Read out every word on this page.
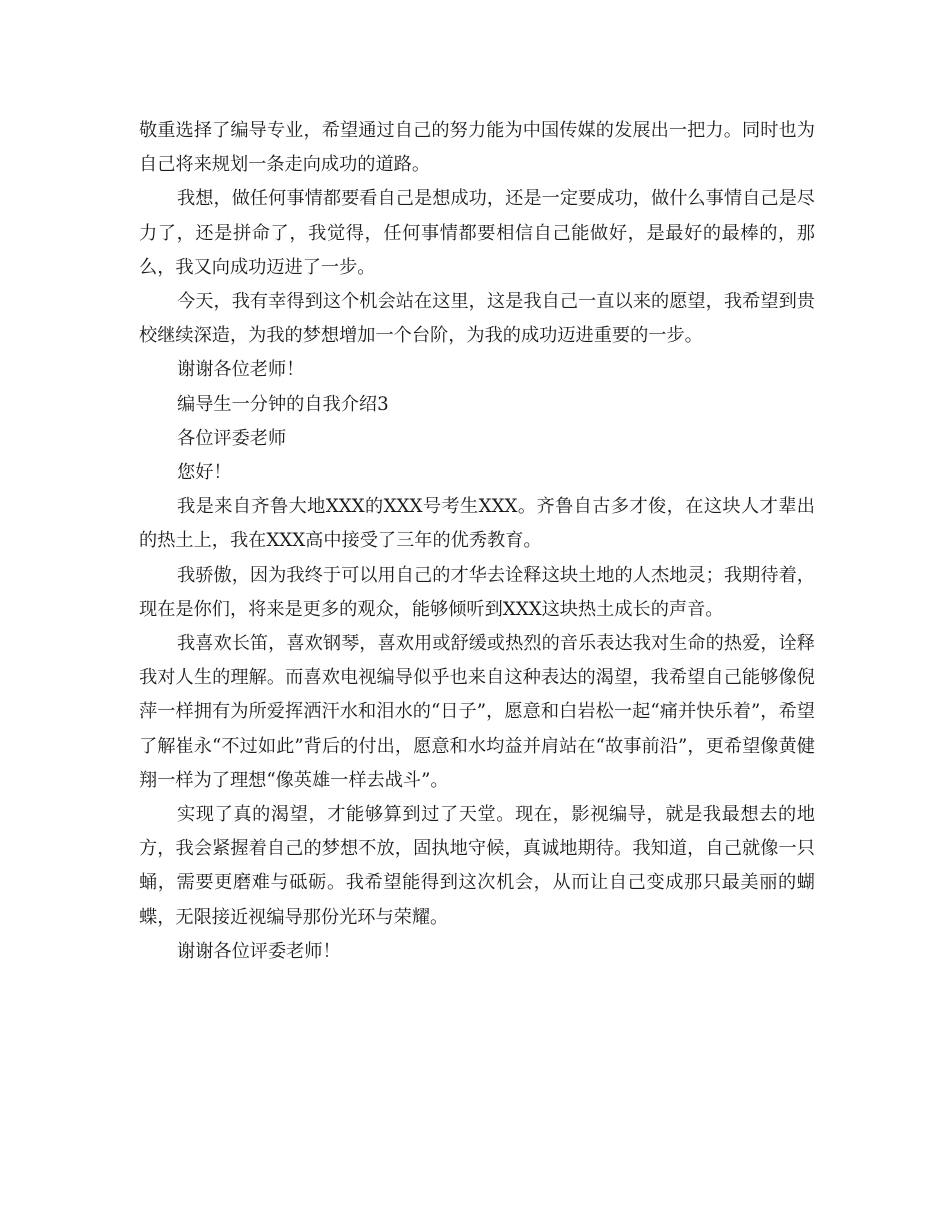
敬重选择了编导专业，希望通过自己的努力能为中国传媒的发展出一把力。同时也为自己将来规划一条走向成功的道路。

我想，做任何事情都要看自己是想成功，还是一定要成功，做什么事情自己是尽力了，还是拼命了，我觉得，任何事情都要相信自己能做好，是最好的最棒的，那么，我又向成功迈进了一步。

今天，我有幸得到这个机会站在这里，这是我自己一直以来的愿望，我希望到贵校继续深造，为我的梦想增加一个台阶，为我的成功迈进重要的一步。

谢谢各位老师！

编导生一分钟的自我介绍3

各位评委老师

您好！

我是来自齐鲁大地XXX的XXX号考生XXX。齐鲁自古多才俊，在这块人才辈出的热土上，我在XXX高中接受了三年的优秀教育。

我骄傲，因为我终于可以用自己的才华去诠释这块土地的人杰地灵；我期待着，现在是你们，将来是更多的观众，能够倾听到XXX这块热土成长的声音。

我喜欢长笛，喜欢钢琴，喜欢用或舒缓或热烈的音乐表达我对生命的热爱，诠释我对人生的理解。而喜欢电视编导似乎也来自这种表达的渴望，我希望自己能够像倪萍一样拥有为所爱挥洒汗水和泪水的“日子”，愿意和白岩松一起“痛并快乐着”，希望了解崔永“不过如此”背后的付出，愿意和水均益并肩站在“故事前沿”，更希望像黄健翔一样为了理想“像英雄一样去战斗”。

实现了真的渴望，才能够算到过了天堂。现在，影视编导，就是我最想去的地方，我会紧握着自己的梦想不放，固执地守候，真诚地期待。我知道，自己就像一只蛹，需要更磨难与砥砺。我希望能得到这次机会，从而让自己变成那只最美丽的蝴蝶，无限接近视编导那份光环与荣耀。

谢谢各位评委老师！
